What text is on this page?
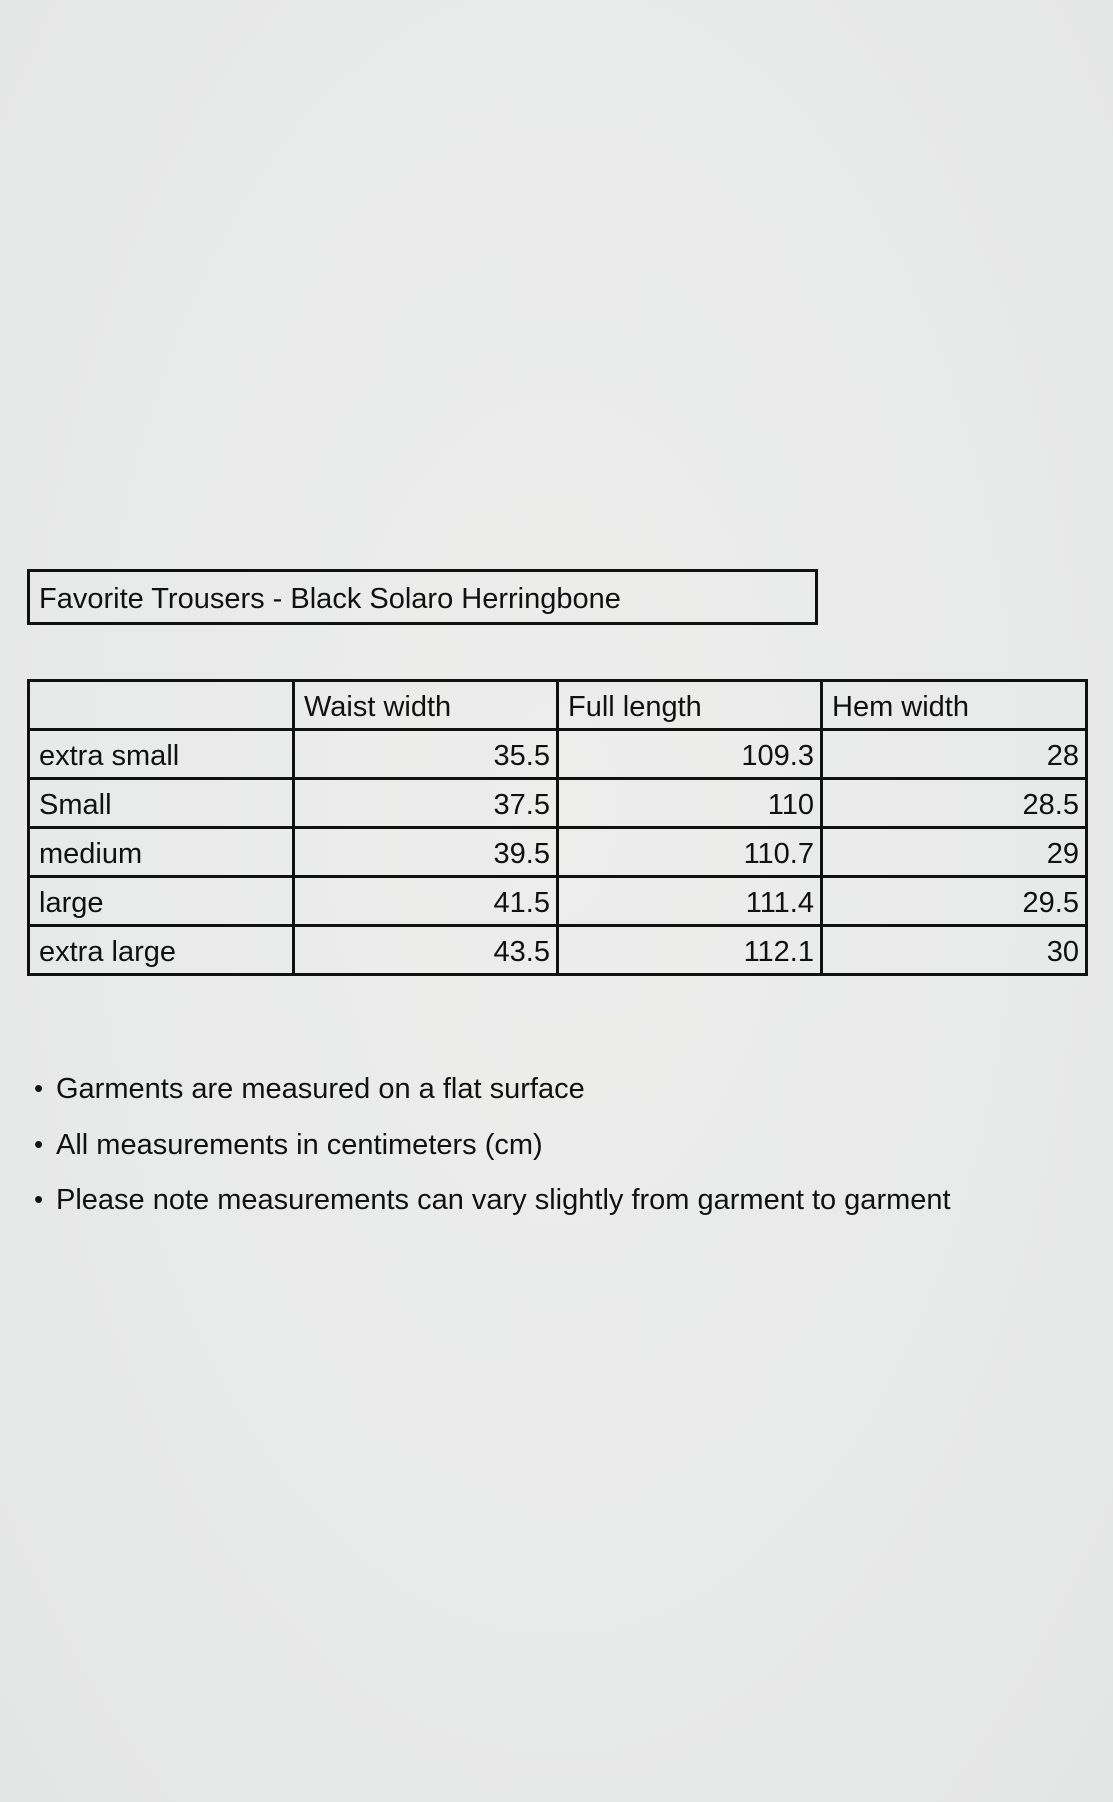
Favorite Trousers - Black Solaro Herringbone
	Waist width	Full length	Hem width
extra small	35.5	109.3	28
Small	37.5	110	28.5
medium	39.5	110.7	29
large	41.5	111.4	29.5
extra large	43.5	112.1	30
• Garments are measured on a flat surface
• All measurements in centimeters (cm)
• Please note measurements can vary slightly from garment to garment
